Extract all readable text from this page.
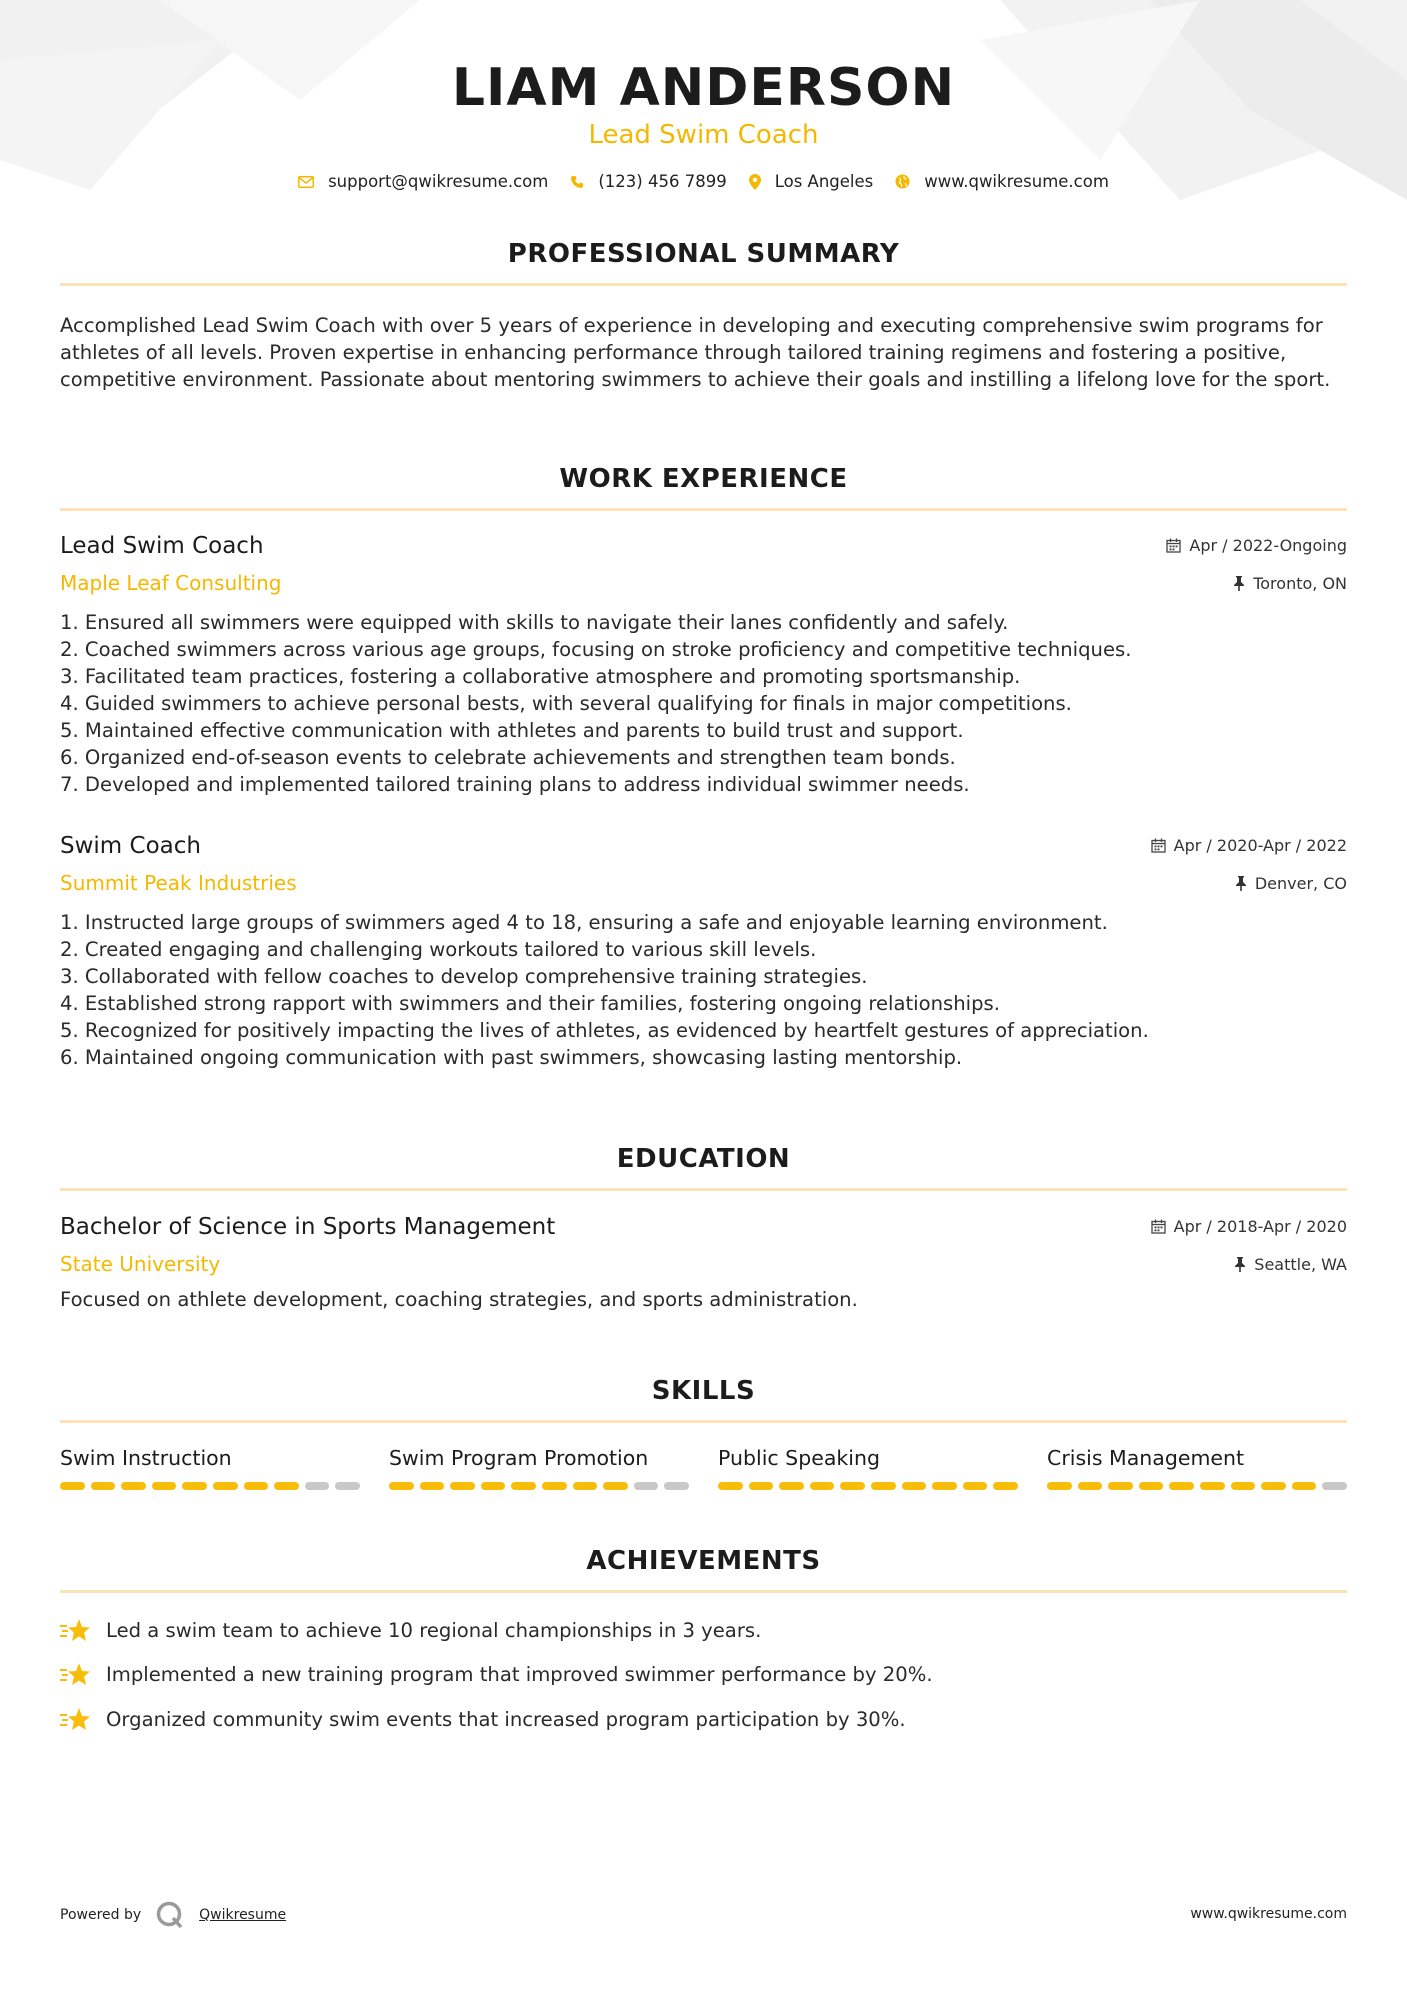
LIAM ANDERSON
Lead Swim Coach
support@qwikresume.com	(123) 456 7899	Los Angeles	www.qwikresume.com
PROFESSIONAL SUMMARY
Accomplished Lead Swim Coach with over 5 years of experience in developing and executing comprehensive swim programs for athletes of all levels. Proven expertise in enhancing performance through tailored training regimens and fostering a positive, competitive environment. Passionate about mentoring swimmers to achieve their goals and instilling a lifelong love for the sport.
WORK EXPERIENCE
Lead Swim Coach	Apr / 2022-Ongoing
Maple Leaf Consulting	Toronto, ON
1. Ensured all swimmers were equipped with skills to navigate their lanes confidently and safely.
2. Coached swimmers across various age groups, focusing on stroke proficiency and competitive techniques.
3. Facilitated team practices, fostering a collaborative atmosphere and promoting sportsmanship.
4. Guided swimmers to achieve personal bests, with several qualifying for finals in major competitions.
5. Maintained effective communication with athletes and parents to build trust and support.
6. Organized end-of-season events to celebrate achievements and strengthen team bonds.
7. Developed and implemented tailored training plans to address individual swimmer needs.
Swim Coach	Apr / 2020-Apr / 2022
Summit Peak Industries	Denver, CO
1. Instructed large groups of swimmers aged 4 to 18, ensuring a safe and enjoyable learning environment.
2. Created engaging and challenging workouts tailored to various skill levels.
3. Collaborated with fellow coaches to develop comprehensive training strategies.
4. Established strong rapport with swimmers and their families, fostering ongoing relationships.
5. Recognized for positively impacting the lives of athletes, as evidenced by heartfelt gestures of appreciation.
6. Maintained ongoing communication with past swimmers, showcasing lasting mentorship.
EDUCATION
Bachelor of Science in Sports Management	Apr / 2018-Apr / 2020
State University	Seattle, WA
Focused on athlete development, coaching strategies, and sports administration.
SKILLS
Swim Instruction	Swim Program Promotion	Public Speaking	Crisis Management
ACHIEVEMENTS
Led a swim team to achieve 10 regional championships in 3 years.
Implemented a new training program that improved swimmer performance by 20%.
Organized community swim events that increased program participation by 30%.
Powered by	Qwikresume	www.qwikresume.com
